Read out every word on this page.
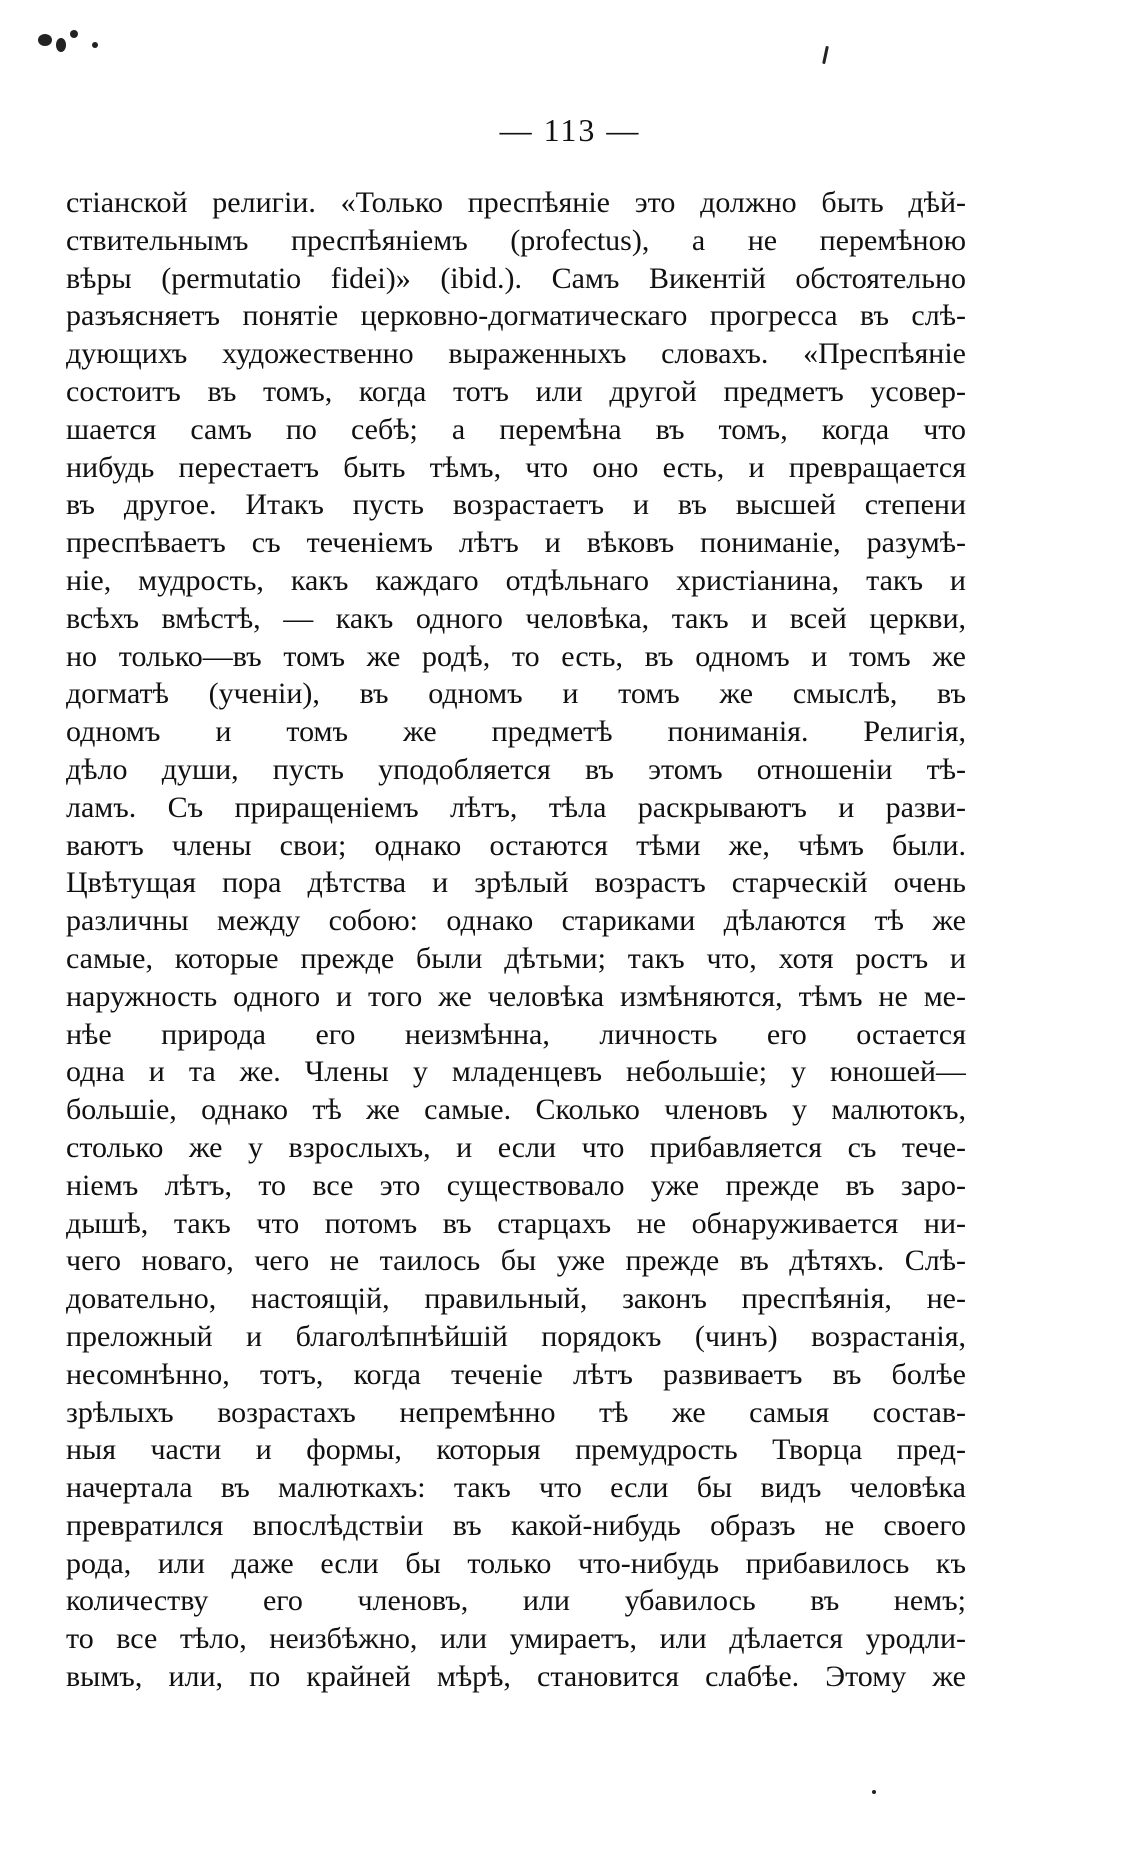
— 113 —
стіанской религіи. «Только преспѣяніе это должно быть дѣй-
ствительнымъ преспѣяніемъ (profectus), а не перемѣною
вѣры (permutatio fidei)» (ibid.). Самъ Викентій обстоятельно
разъясняетъ понятіе церковно-догматическаго прогресса въ слѣ-
дующихъ художественно выраженныхъ словахъ. «Преспѣяніе
состоитъ въ томъ, когда тотъ или другой предметъ усовер-
шается самъ по себѣ; а перемѣна въ томъ, когда что
нибудь перестаетъ быть тѣмъ, что оно есть, и превращается
въ другое. Итакъ пусть возрастаетъ и въ высшей степени
преспѣваетъ съ теченіемъ лѣтъ и вѣковъ пониманіе, разумѣ-
ніе, мудрость, какъ каждаго отдѣльнаго христіанина, такъ и
всѣхъ вмѣстѣ, — какъ одного человѣка, такъ и всей церкви,
но только—въ томъ же родѣ, то есть, въ одномъ и томъ же
догматѣ (ученіи), въ одномъ и томъ же смыслѣ, въ
одномъ и томъ же предметѣ пониманія. Религія,
дѣло души, пусть уподобляется въ этомъ отношеніи тѣ-
ламъ. Съ приращеніемъ лѣтъ, тѣла раскрываютъ и разви-
ваютъ члены свои; однако остаются тѣми же, чѣмъ были.
Цвѣтущая пора дѣтства и зрѣлый возрастъ старческій очень
различны между собою: однако стариками дѣлаются тѣ же
самые, которые прежде были дѣтьми; такъ что, хотя ростъ и
наружность одного и того же человѣка измѣняются, тѣмъ не ме-
нѣе природа его неизмѣнна, личность его остается
одна и та же. Члены у младенцевъ небольшіе; у юношей—
большіе, однако тѣ же самые. Сколько членовъ у малютокъ,
столько же у взрослыхъ, и если что прибавляется съ тече-
ніемъ лѣтъ, то все это существовало уже прежде въ заро-
дышѣ, такъ что потомъ въ старцахъ не обнаруживается ни-
чего новаго, чего не таилось бы уже прежде въ дѣтяхъ. Слѣ-
довательно, настоящій, правильный, законъ преспѣянія, не-
преложный и благолѣпнѣйшій порядокъ (чинъ) возрастанія,
несомнѣнно, тотъ, когда теченіе лѣтъ развиваетъ въ болѣе
зрѣлыхъ возрастахъ непремѣнно тѣ же самыя состав-
ныя части и формы, которыя премудрость Творца пред-
начертала въ малюткахъ: такъ что если бы видъ человѣка
превратился впослѣдствіи въ какой-нибудь образъ не своего
рода, или даже если бы только что-нибудь прибавилось къ
количеству его членовъ, или убавилось въ немъ;
то все тѣло, неизбѣжно, или умираетъ, или дѣлается уродли-
вымъ, или, по крайней мѣрѣ, становится слабѣе. Этому же
